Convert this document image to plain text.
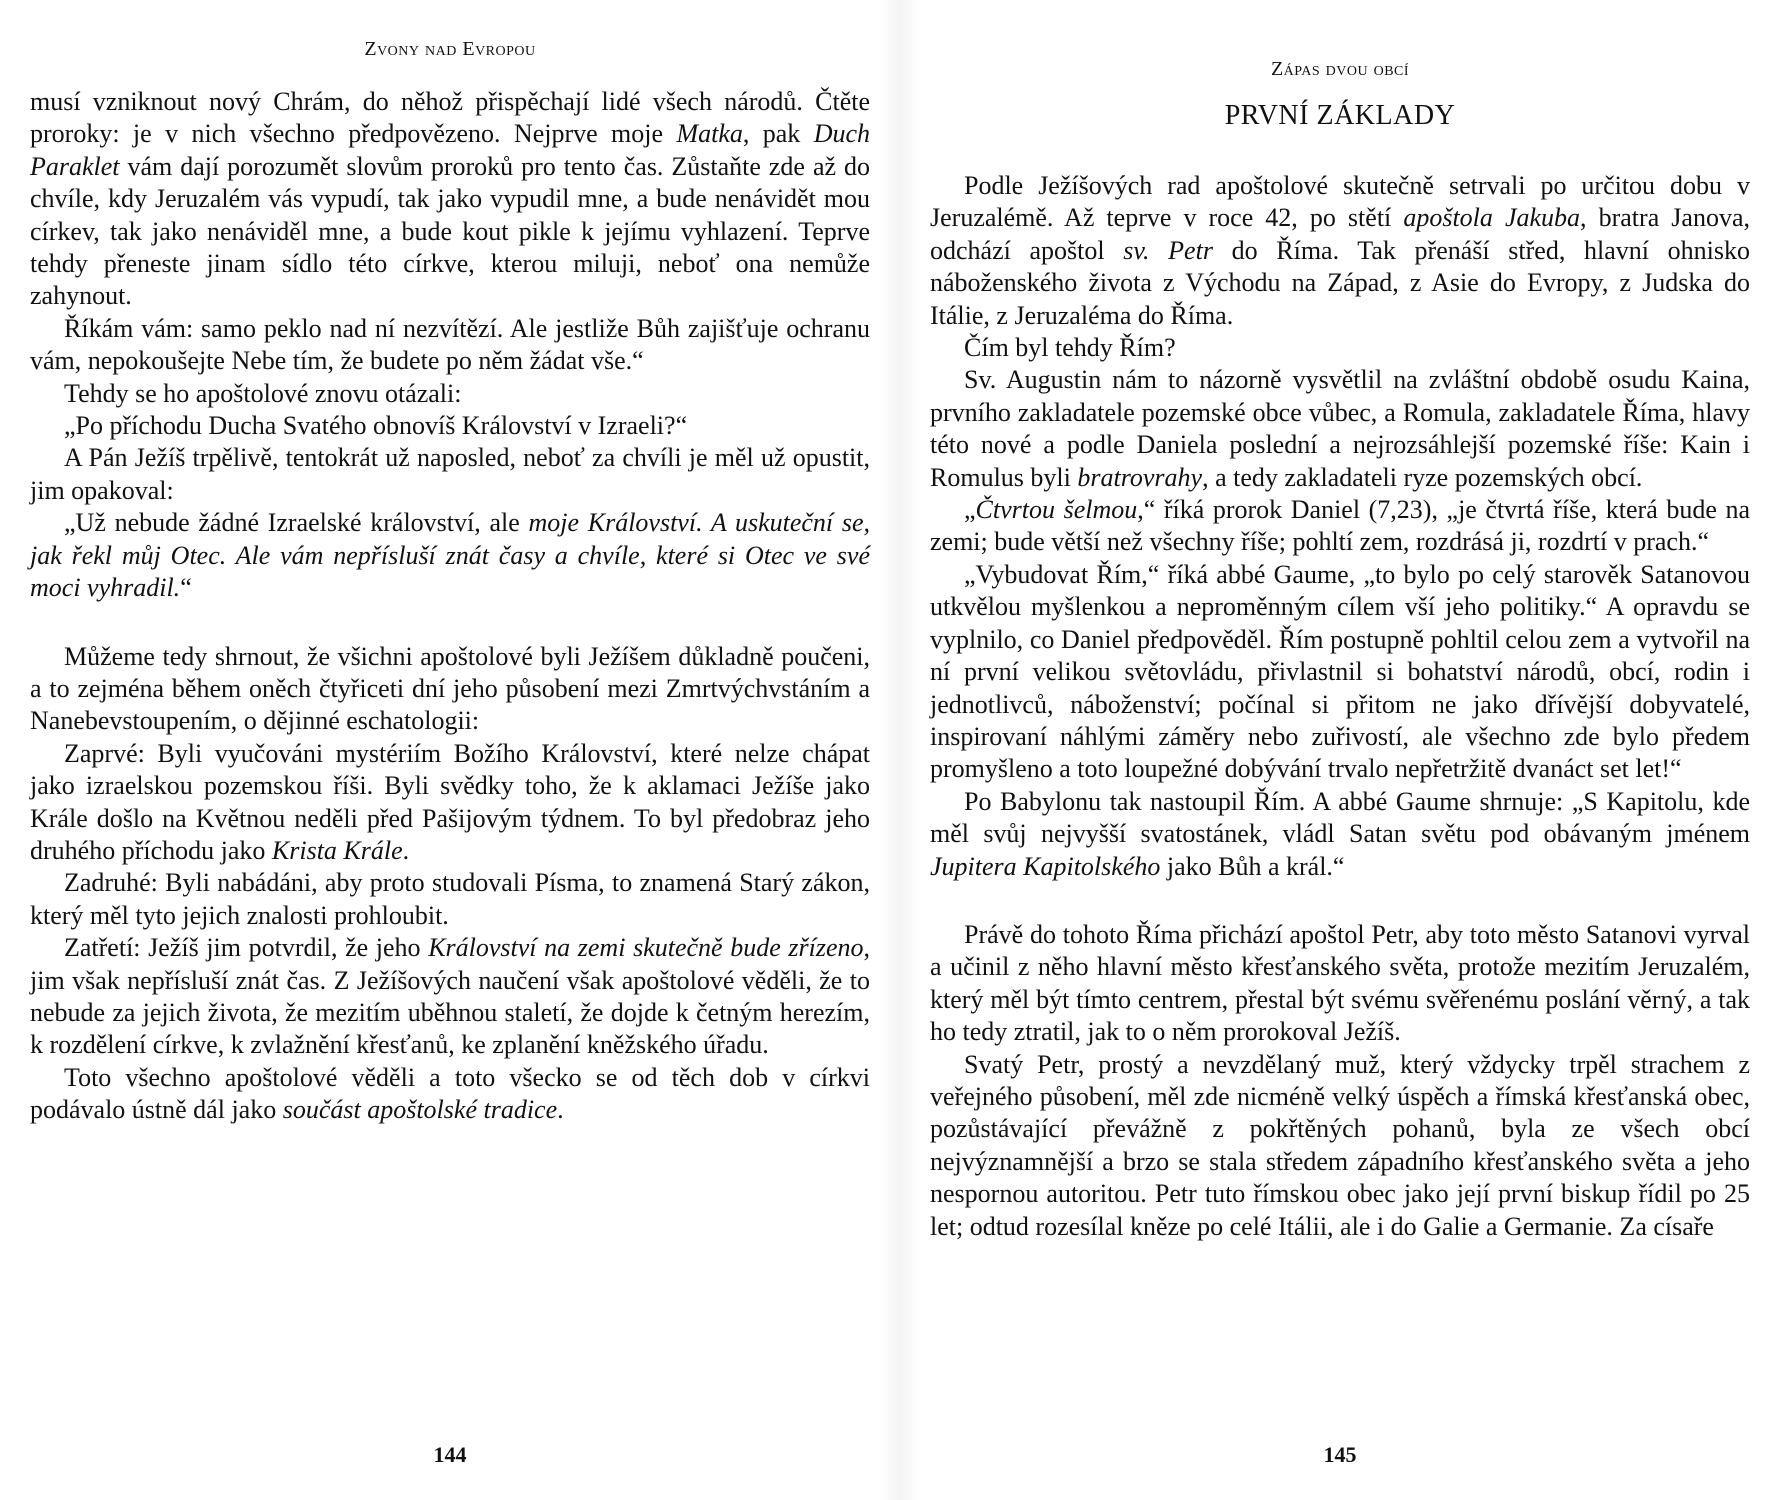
Zvony nad Evropou

musí vzniknout nový Chrám, do něhož přispěchají lidé všech národů. Čtěte proroky: je v nich všechno předpovězeno. Nejprve moje Matka, pak Duch Paraklet vám dají porozumět slovům proroků pro tento čas. Zůstaňte zde až do chvíle, kdy Jeruzalém vás vypudí, tak jako vypudil mne, a bude nenávidět mou církev, tak jako nenáviděl mne, a bude kout pikle k jejímu vyhlazení. Teprve tehdy přeneste jinam sídlo této církve, kterou miluji, neboť ona nemůže zahynout.

Říkám vám: samo peklo nad ní nezvítězí. Ale jestliže Bůh zajišťuje ochranu vám, nepokoušejte Nebe tím, že budete po něm žádat vše.“

Tehdy se ho apoštolové znovu otázali:

„Po příchodu Ducha Svatého obnovíš Království v Izraeli?“

A Pán Ježíš trpělivě, tentokrát už naposled, neboť za chvíli je měl už opustit, jim opakoval:

„Už nebude žádné Izraelské království, ale moje Království. A uskuteční se, jak řekl můj Otec. Ale vám nepřísluší znát časy a chvíle, které si Otec ve své moci vyhradil.“

Můžeme tedy shrnout, že všichni apoštolové byli Ježíšem důkladně poučeni, a to zejména během oněch čtyřiceti dní jeho působení mezi Zmrtvýchvstáním a Nanebevstoupením, o dějinné eschatologii:

Zaprvé: Byli vyučováni mystériím Božího Království, které nelze chápat jako izraelskou pozemskou říši. Byli svědky toho, že k aklamaci Ježíše jako Krále došlo na Květnou neděli před Pašijovým týdnem. To byl předobraz jeho druhého příchodu jako Krista Krále.

Zadruhé: Byli nabádáni, aby proto studovali Písma, to znamená Starý zákon, který měl tyto jejich znalosti prohloubit.

Zatřetí: Ježíš jim potvrdil, že jeho Království na zemi skutečně bude zřízeno, jim však nepřísluší znát čas. Z Ježíšových naučení však apoštolové věděli, že to nebude za jejich života, že mezitím uběhnou staletí, že dojde k četným herezím, k rozdělení církve, k zvlažnění křesťanů, ke zplanění kněžského úřadu.

Toto všechno apoštolové věděli a toto všecko se od těch dob v církvi podávalo ústně dál jako součást apoštolské tradice.

144
Zápas dvou obcí
PRVNÍ ZÁKLADY

Podle Ježíšových rad apoštolové skutečně setrvali po určitou dobu v Jeruzalémě. Až teprve v roce 42, po stětí apoštola Jakuba, bratra Janova, odchází apoštol sv. Petr do Říma. Tak přenáší střed, hlavní ohnisko náboženského života z Východu na Západ, z Asie do Evropy, z Judska do Itálie, z Jeruzaléma do Říma.

Čím byl tehdy Řím?

Sv. Augustin nám to názorně vysvětlil na zvláštní obdobě osudu Kaina, prvního zakladatele pozemské obce vůbec, a Romula, zakladatele Říma, hlavy této nové a podle Daniela poslední a nejrozsáhlejší pozemské říše: Kain i Romulus byli bratrovrahy, a tedy zakladateli ryze pozemských obcí.

„Čtvrtou šelmou,“ říká prorok Daniel (7,23), „je čtvrtá říše, která bude na zemi; bude větší než všechny říše; pohltí zem, rozdrásá ji, rozdrtí v prach.“

„Vybudovat Řím,“ říká abbé Gaume, „to bylo po celý starověk Satanovou utkvělou myšlenkou a neproměnným cílem vší jeho politiky.“ A opravdu se vyplnilo, co Daniel předpověděl. Řím postupně pohltil celou zem a vytvořil na ní první velikou světovládu, přivlastnil si bohatství národů, obcí, rodin i jednotlivců, náboženství; počínal si přitom ne jako dřívější dobyvatelé, inspirovaní náhlými záměry nebo zuřivostí, ale všechno zde bylo předem promyšleno a toto loupežné dobývání trvalo nepřetržitě dvanáct set let!“

Po Babylonu tak nastoupil Řím. A abbé Gaume shrnuje: „S Kapitolu, kde měl svůj nejvyšší svatostánek, vládl Satan světu pod obávaným jménem Jupitera Kapitolského jako Bůh a král.“

Právě do tohoto Říma přichází apoštol Petr, aby toto město Satanovi vyrval a učinil z něho hlavní město křesťanského světa, protože mezitím Jeruzalém, který měl být tímto centrem, přestal být svému svěřenému poslání věrný, a tak ho tedy ztratil, jak to o něm prorokoval Ježíš.

Svatý Petr, prostý a nevzdělaný muž, který vždycky trpěl strachem z veřejného působení, měl zde nicméně velký úspěch a římská křesťanská obec, pozůstávající převážně z pokřtěných pohanů, byla ze všech obcí nejvýznamnější a brzo se stala středem západního křesťanského světa a jeho nespornou autoritou. Petr tuto římskou obec jako její první biskup řídil po 25 let; odtud rozesílal kněze po celé Itálii, ale i do Galie a Germanie. Za císaře

145
